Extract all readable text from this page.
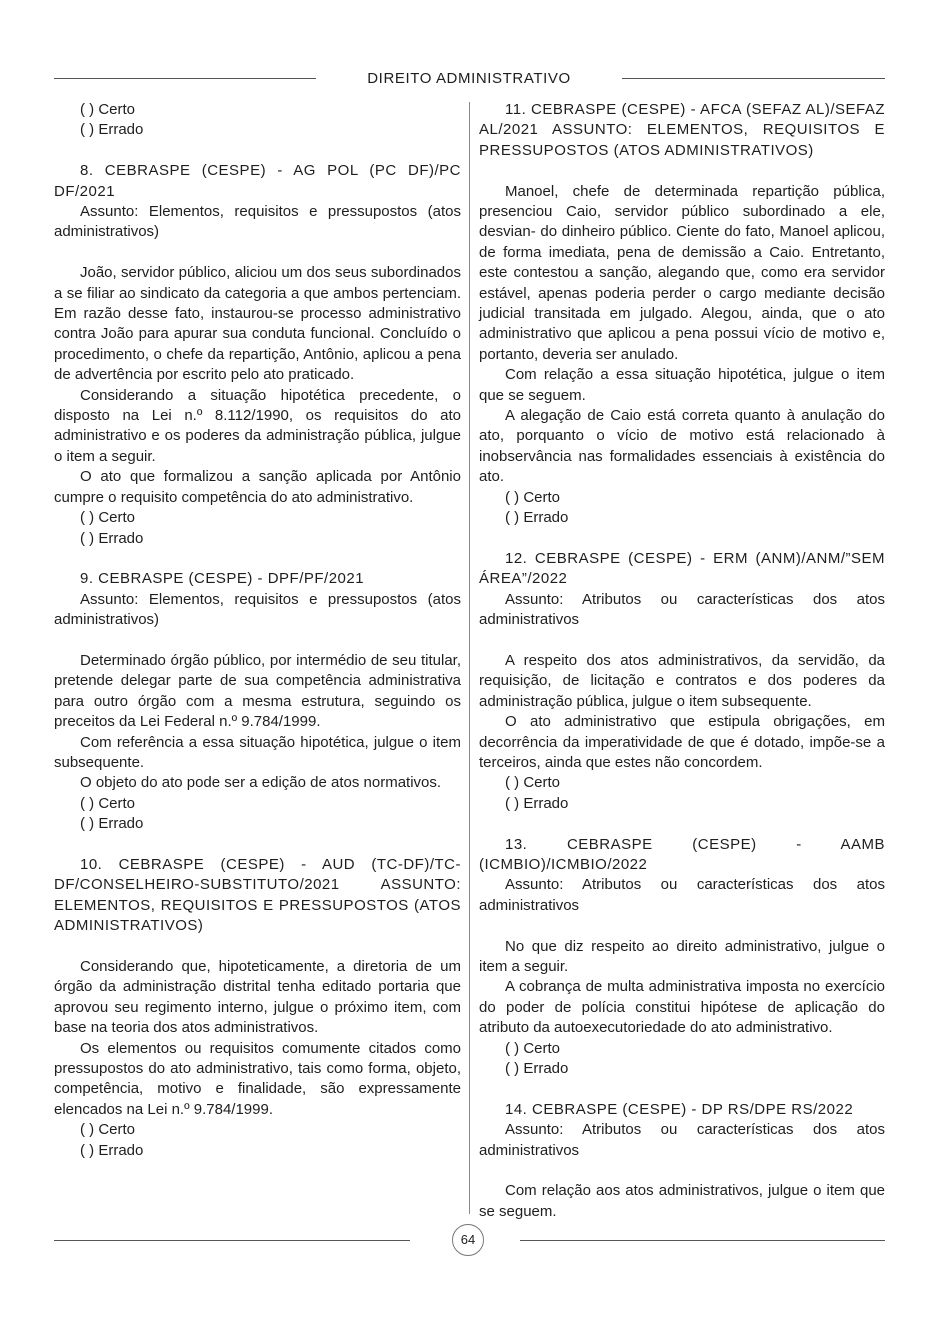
DIREITO ADMINISTRATIVO

( ) Certo

( ) Errado

8. CEBRASPE (CESPE) - AG POL (PC DF)/PC DF/2021

Assunto: Elementos, requisitos e pressupostos (atos administrativos)

João, servidor público, aliciou um dos seus subordinados a se filiar ao sindicato da categoria a que ambos pertenciam. Em razão desse fato, instaurou-se processo administrativo contra João para apurar sua conduta funcional. Concluído o procedimento, o chefe da repartição, Antônio, aplicou a pena de advertência por escrito pelo ato praticado.

Considerando a situação hipotética precedente, o disposto na Lei n.º 8.112/1990, os requisitos do ato administrativo e os poderes da administração pública, julgue o item a seguir.

O ato que formalizou a sanção aplicada por Antônio cumpre o requisito competência do ato administrativo.

( ) Certo

( ) Errado

9. CEBRASPE (CESPE) - DPF/PF/2021

Assunto: Elementos, requisitos e pressupostos (atos administrativos)

Determinado órgão público, por intermédio de seu titular, pretende delegar parte de sua competência administrativa para outro órgão com a mesma estrutura, seguindo os preceitos da Lei Federal n.º 9.784/1999.

Com referência a essa situação hipotética, julgue o item subsequente.

O objeto do ato pode ser a edição de atos normativos.

( ) Certo

( ) Errado

10. CEBRASPE (CESPE) - AUD (TC-DF)/TC-DF/CONSELHEIRO-SUBSTITUTO/2021 ASSUNTO: ELEMENTOS, REQUISITOS E PRESSUPOSTOS (ATOS ADMINISTRATIVOS)

Considerando que, hipoteticamente, a diretoria de um órgão da administração distrital tenha editado portaria que aprovou seu regimento interno, julgue o próximo item, com base na teoria dos atos administrativos.

Os elementos ou requisitos comumente citados como pressupostos do ato administrativo, tais como forma, objeto, competência, motivo e finalidade, são expressamente elencados na Lei n.º 9.784/1999.

( ) Certo

( ) Errado

11. CEBRASPE (CESPE) - AFCA (SEFAZ AL)/SEFAZ AL/2021 ASSUNTO: ELEMENTOS, REQUISITOS E PRESSUPOSTOS (ATOS ADMINISTRATIVOS)

Manoel, chefe de determinada repartição pública, presenciou Caio, servidor público subordinado a ele, desvian- do dinheiro público. Ciente do fato, Manoel aplicou, de forma imediata, pena de demissão a Caio. Entretanto, este contestou a sanção, alegando que, como era servidor estável, apenas poderia perder o cargo mediante decisão judicial transitada em julgado. Alegou, ainda, que o ato administrativo que aplicou a pena possui vício de motivo e, portanto, deveria ser anulado.

Com relação a essa situação hipotética, julgue o item que se seguem.

A alegação de Caio está correta quanto à anulação do ato, porquanto o vício de motivo está relacionado à inobservância nas formalidades essenciais à existência do ato.

( ) Certo

( ) Errado

12. CEBRASPE (CESPE) - ERM (ANM)/ANM/”SEM ÁREA”/2022

Assunto: Atributos ou características dos atos administrativos

A respeito dos atos administrativos, da servidão, da requisição, de licitação e contratos e dos poderes da administração pública, julgue o item subsequente.

O ato administrativo que estipula obrigações, em decorrência da imperatividade de que é dotado, impõe-se a terceiros, ainda que estes não concordem.

( ) Certo

( ) Errado

13. CEBRASPE (CESPE) - AAMB (ICMBIO)/ICMBIO/2022

Assunto: Atributos ou características dos atos administrativos

No que diz respeito ao direito administrativo, julgue o item a seguir.

A cobrança de multa administrativa imposta no exercício do poder de polícia constitui hipótese de aplicação do atributo da autoexecutoriedade do ato administrativo.

( ) Certo

( ) Errado

14. CEBRASPE (CESPE) - DP RS/DPE RS/2022

Assunto: Atributos ou características dos atos administrativos

Com relação aos atos administrativos, julgue o item que se seguem.

64
